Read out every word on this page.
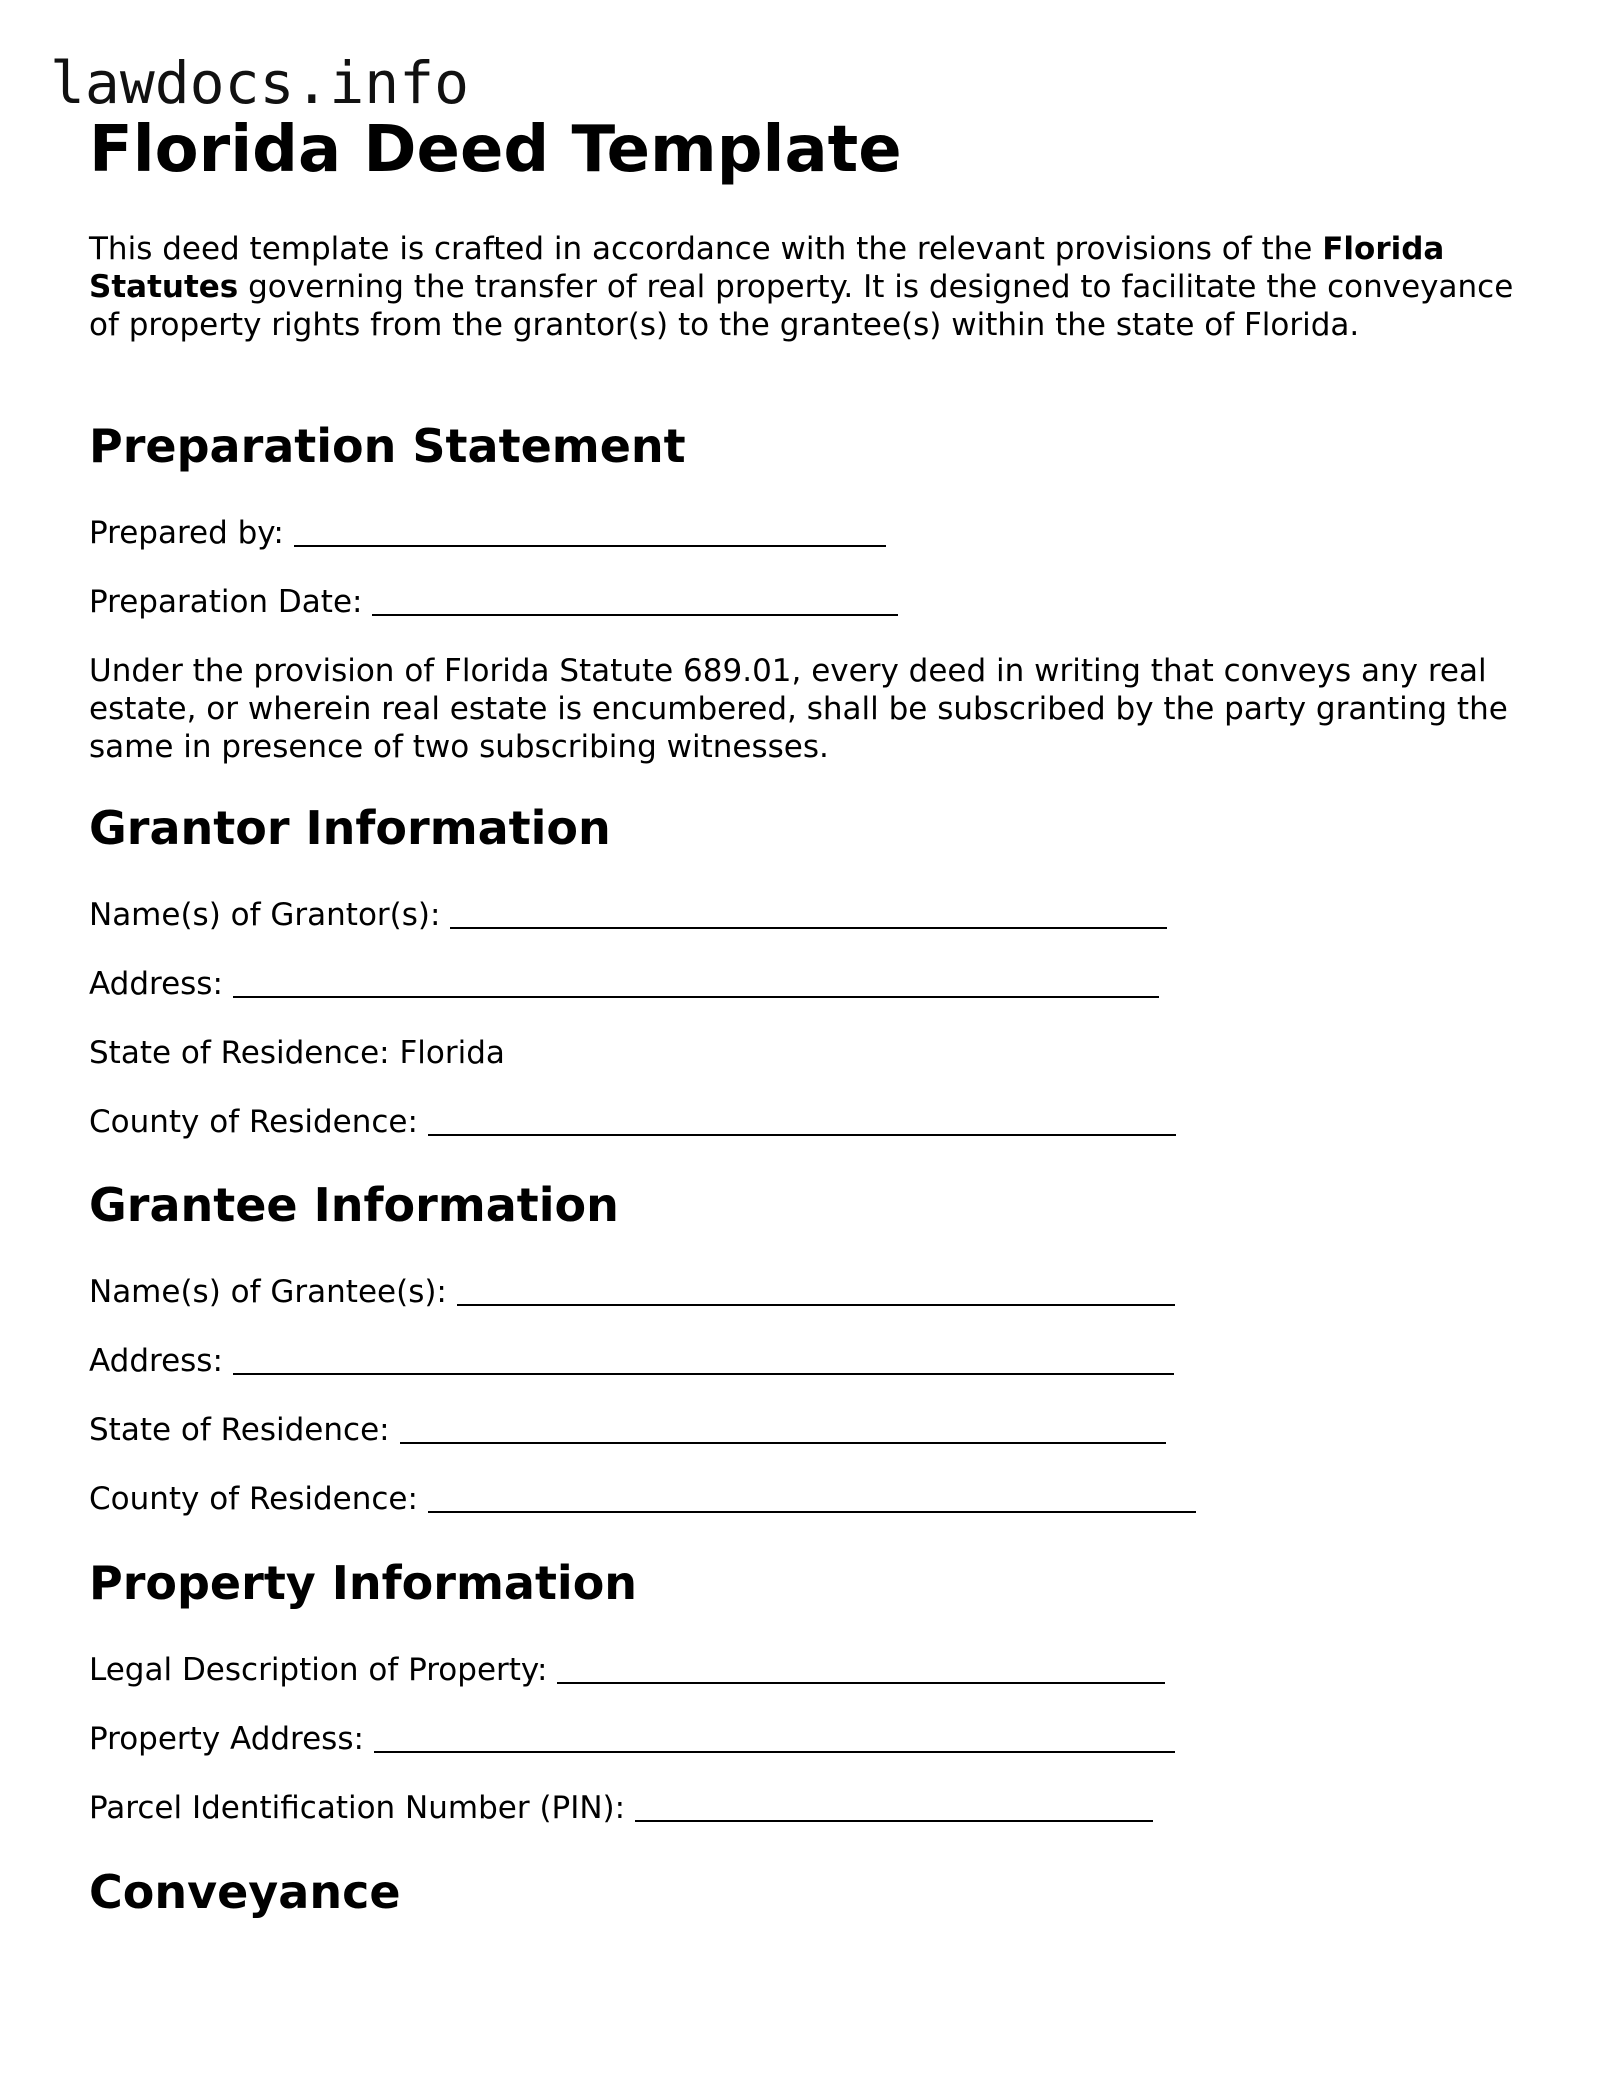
lawdocs.info
Florida Deed Template

This deed template is crafted in accordance with the relevant provisions of the Florida Statutes governing the transfer of real property. It is designed to facilitate the conveyance of property rights from the grantor(s) to the grantee(s) within the state of Florida.

Preparation Statement
Prepared by:
Preparation Date:

Under the provision of Florida Statute 689.01, every deed in writing that conveys any real estate, or wherein real estate is encumbered, shall be subscribed by the party granting the same in presence of two subscribing witnesses.

Grantor Information
Name(s) of Grantor(s):
Address:
State of Residence: Florida
County of Residence:
Grantee Information
Name(s) of Grantee(s):
Address:
State of Residence:
County of Residence:
Property Information
Legal Description of Property:
Property Address:
Parcel Identification Number (PIN):
Conveyance
